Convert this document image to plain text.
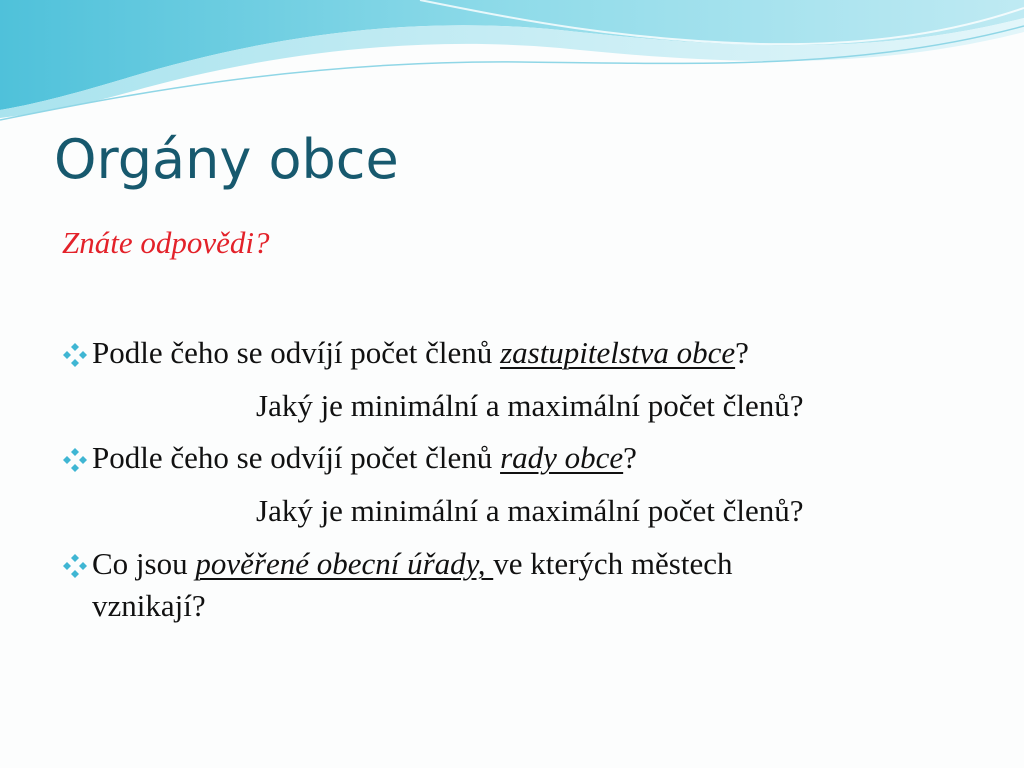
Orgány obce

Znáte odpovědi?

Podle čeho se odvíjí počet členů zastupitelstva obce?
Jaký je minimální a maximální počet členů?
Podle čeho se odvíjí počet členů rady obce?
Jaký je minimální a maximální počet členů?
Co jsou pověřené obecní úřady, ve kterých městech
vznikají?
